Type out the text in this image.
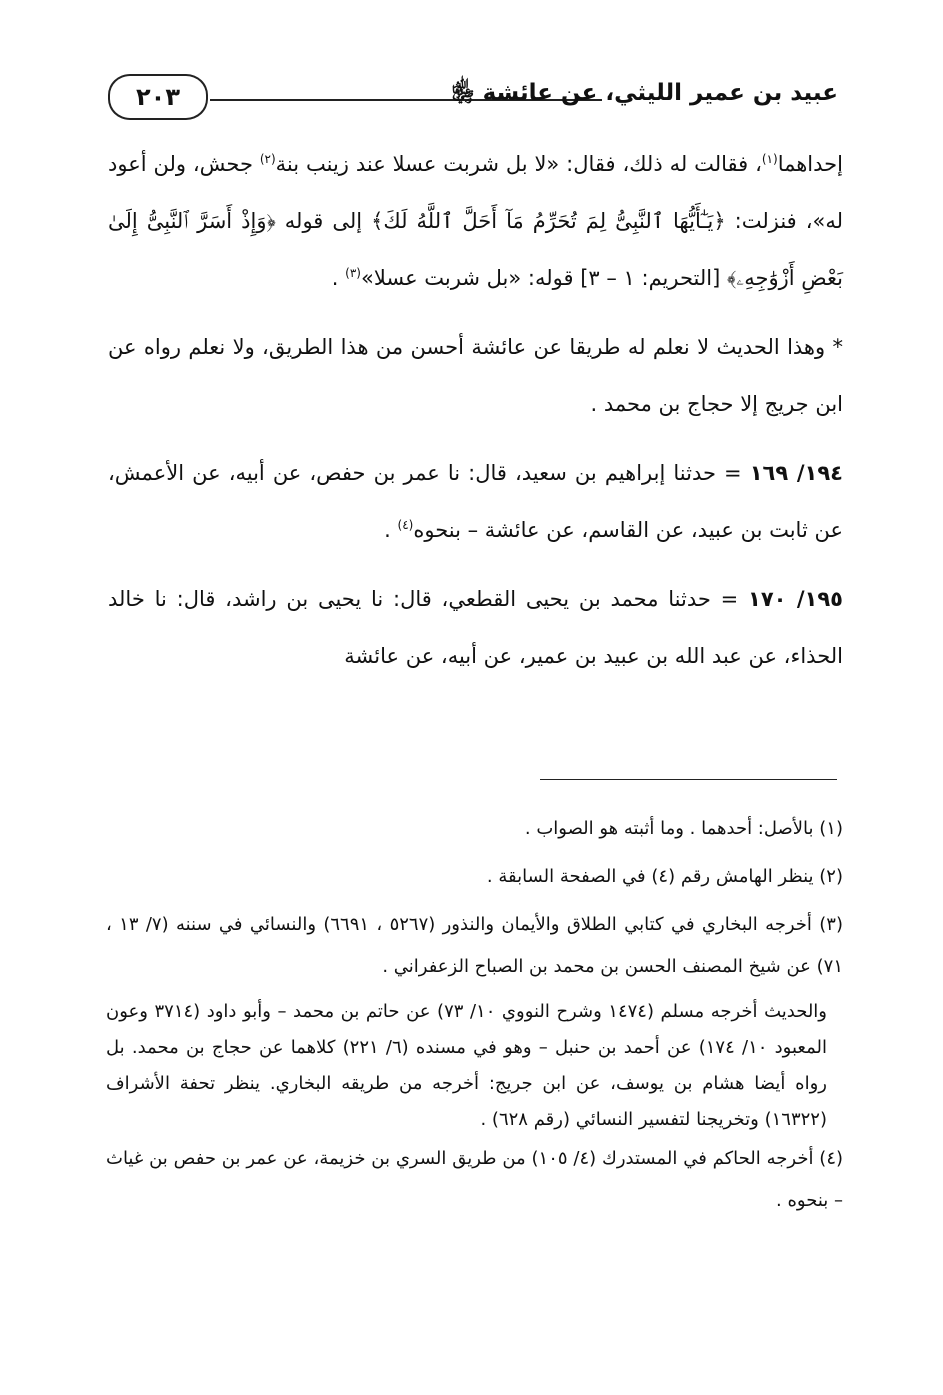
٢٠٣	عبيد بن عمير الليثي، عن عائشة ﵂

إحداهما$^{(١)}$، فقالت له ذلك، فقال: «لا بل شربت عسلا عند زينب بنة$^{(٢)}$ جحش، ولن أعود له»، فنزلت: ﴿يَـٰٓأَيُّهَا ٱلنَّبِىُّ لِمَ تُحَرِّمُ مَآ أَحَلَّ ٱللَّهُ لَكَ﴾ إلى قوله ﴿وَإِذْ أَسَرَّ ٱلنَّبِىُّ إِلَىٰ بَعْضِ أَزْوَٰجِهِۦ﴾ [التحريم: ١ – ٣] قوله: «بل شربت عسلا»$^{(٣)}$ .

* وهذا الحديث لا نعلم له طريقا عن عائشة أحسن من هذا الطريق، ولا نعلم رواه عن ابن جريج إلا حجاج بن محمد .

١٩٤/ ١٦٩ = حدثنا إبراهيم بن سعيد، قال: نا عمر بن حفص، عن أبيه، عن الأعمش، عن ثابت بن عبيد، عن القاسم، عن عائشة – بنحوه$^{(٤)}$ .

١٩٥/ ١٧٠ = حدثنا محمد بن يحيى القطعي، قال: نا يحيى بن راشد، قال: نا خالد الحذاء، عن عبد الله بن عبيد بن عمير، عن أبيه، عن عائشة

(١) بالأصل: أحدهما . وما أثبته هو الصواب .

(٢) ينظر الهامش رقم (٤) في الصفحة السابقة .

(٣) أخرجه البخاري في كتابي الطلاق والأيمان والنذور (٥٢٦٧ ، ٦٦٩١) والنسائي في سننه (٧/ ١٣ ، ٧١) عن شيخ المصنف الحسن بن محمد بن الصباح الزعفراني .

والحديث أخرجه مسلم (١٤٧٤ وشرح النووي ١٠/ ٧٣) عن حاتم بن محمد – وأبو داود (٣٧١٤ وعون المعبود ١٠/ ١٧٤) عن أحمد بن حنبل – وهو في مسنده (٦/ ٢٢١) كلاهما عن حجاج بن محمد. بل رواه أيضا هشام بن يوسف، عن ابن جريج: أخرجه من طريقه البخاري. ينظر تحفة الأشراف (١٦٣٢٢) وتخريجنا لتفسير النسائي (رقم ٦٢٨) .

(٤) أخرجه الحاكم في المستدرك (٤/ ١٠٥) من طريق السري بن خزيمة، عن عمر بن حفص بن غياث – بنحوه .
